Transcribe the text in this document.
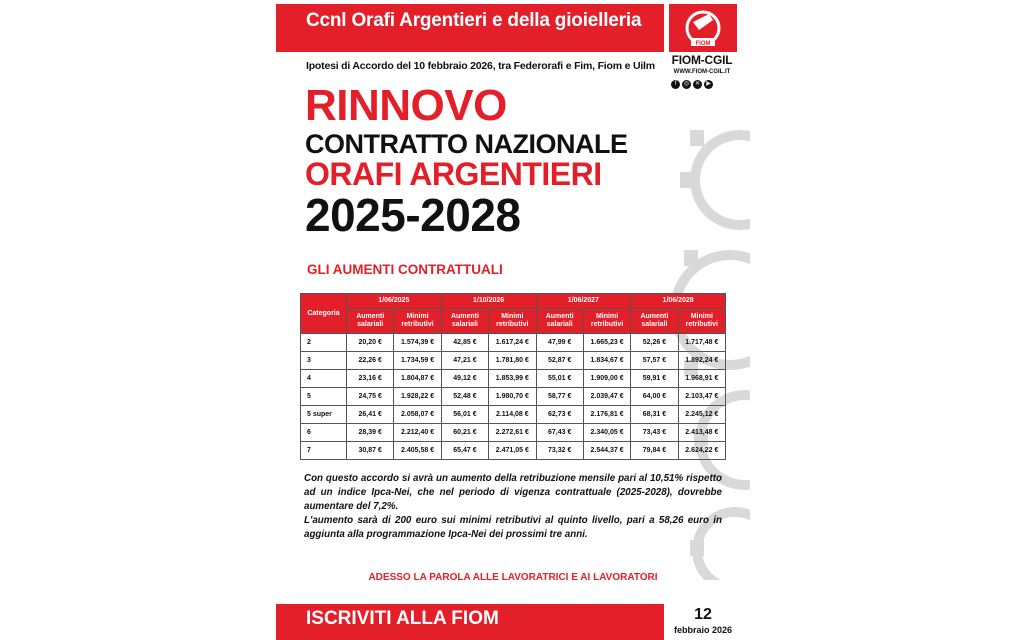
Ccnl Orafi Argentieri e della gioielleria
FIOM
FIOM-CGIL
WWW.FIOM-CGIL.IT
f	◎ ✕	▶
Ipotesi di Accordo del 10 febbraio 2026, tra Federorafi e Fim, Fiom e Uilm
RINNOVO
CONTRATTO NAZIONALE
ORAFI ARGENTIERI
2025-2028
GLI AUMENTI CONTRATTUALI
Categoria	1/06/2025		1/10/2026		1/06/2027		1/06/2028	
	Aumenti salariali	Minimi retributivi	Aumenti salariali	Minimi retributivi	Aumenti salariali	Minimi retributivi	Aumenti salariali	Minimi retributivi
2	20,20 €	1.574,39 €	42,85 €	1.617,24 €	47,99 €	1.665,23 €	52,26 €	1.717,48 €
3	22,26 €	1.734,59 €	47,21 €	1.781,80 €	52,87 €	1.834,67 €	57,57 €	1.892,24 €
4	23,16 €	1.804,87 €	49,12 €	1.853,99 €	55,01 €	1.909,00 €	59,91 €	1.968,91 €
5	24,75 €	1.928,22 €	52,48 €	1.980,70 €	58,77 €	2.039,47 €	64,00 €	2.103,47 €
5 super	26,41 €	2.058,07 €	56,01 €	2.114,08 €	62,73 €	2.176,81 €	68,31 €	2.245,12 €
6	28,39 €	2.212,40 €	60,21 €	2.272,61 €	67,43 €	2.340,05 €	73,43 €	2.413,48 €
7	30,87 €	2.405,58 €	65,47 €	2.471,05 €	73,32 €	2.544,37 €	79,84 €	2.624,22 €

Con questo accordo si avrà un aumento della retribuzione mensile pari al 10,51% rispetto ad un indice Ipca-Nei, che nel periodo di vigenza contrattuale (2025-2028), dovrebbe aumentare del 7,2%.

L'aumento sarà di 200 euro sui minimi retributivi al quinto livello, pari a 58,26 euro in aggiunta alla programmazione Ipca-Nei dei prossimi tre anni.

ADESSO LA PAROLA ALLE LAVORATRICI E AI LAVORATORI
ISCRIVITI ALLA FIOM	12
febbraio 2026
